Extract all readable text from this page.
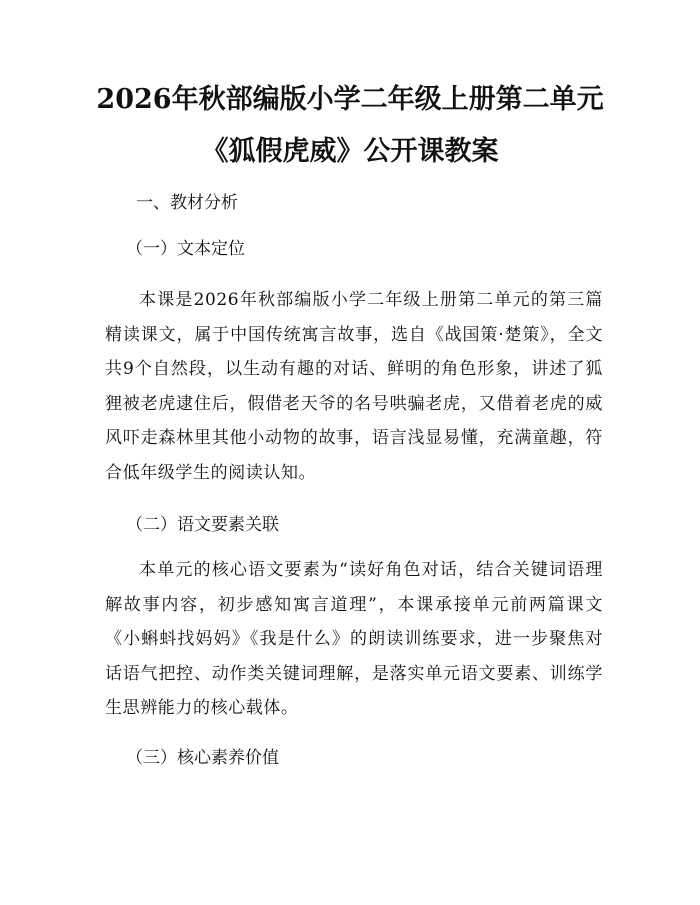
2026年秋部编版小学二年级上册第二单元
《狐假虎威》公开课教案
一、教材分析
（一）文本定位
本课是2026年秋部编版小学二年级上册第二单元的第三篇精读课文，属于中国传统寓言故事，选自《战国策·楚策》，全文共9个自然段，以生动有趣的对话、鲜明的角色形象，讲述了狐狸被老虎逮住后，假借老天爷的名号哄骗老虎，又借着老虎的威风吓走森林里其他小动物的故事，语言浅显易懂，充满童趣，符合低年级学生的阅读认知。
（二）语文要素关联
本单元的核心语文要素为“读好角色对话，结合关键词语理解故事内容，初步感知寓言道理”，本课承接单元前两篇课文《小蝌蚪找妈妈》《我是什么》的朗读训练要求，进一步聚焦对话语气把控、动作类关键词理解，是落实单元语文要素、训练学生思辨能力的核心载体。
（三）核心素养价值
